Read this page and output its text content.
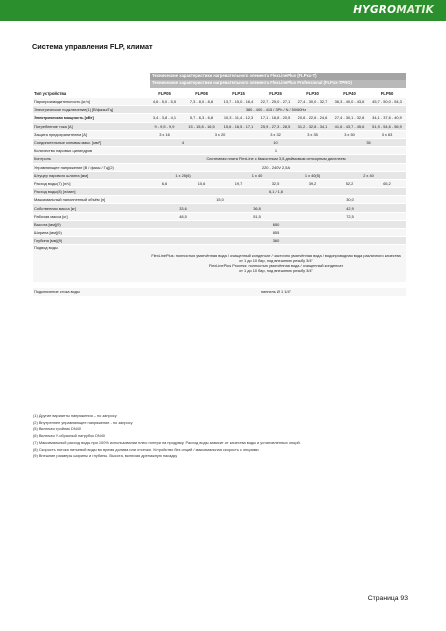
HYGROMATIK
Система управления FLP, климат
Технические характеристики нагревательного элемента FlexLinePlus (FLPxx-T)
Технические характеристики нагревательного элемента FlexLinePlus Professional (FLPxx-TPRO)
Тип устройства	FLP05	FLP08	FLP15	FLP25	FLP30	FLP40	FLP50
Паропроизводительность [кг/ч]	4,6 - 5,0 - 5,5	7,3 - 8,0 - 8,8	13,7 - 15,0 - 16,4	22,7 - 25,0 - 27,1	27,4 - 30,0 - 32,7	36,3 - 40,0 - 43,6	45,7 - 50,0 - 54,3
Электрическое подключение(1) [В/фазы/Гц]	380 - 400 - 415 / 3Ph / N / 50/60Hz						
Электрическая мощность [кВт]	3,4 - 3,8 - 4,1	5,7 - 6,3 - 6,8	10,3 - 11,4 - 12,3	17,1 - 18,8 - 20,5	20,6 - 22,6 - 24,6	27,4 - 30,1 - 32,8	34,1 - 37,6 - 40,9
Потребление тока [A]	9 - 9,5 - 9,9	15 - 15,8 - 16,5	15,6 - 16,5 - 17,1	25,9 - 27,3 - 28,5	31,2 - 32,8 - 34,1	41,6 - 43,7 - 45,6	51,9 - 54,6 - 56,9
Защита предохранителем [A]	3 x 16	3 x 20		3 x 32	3 x 35	3 x 50	3 x 63
Соединительные клеммы макс. [мм²]	4		10			35	
Количество паровых цилиндров	1						
Контроль	Системная плата FlexLine с 6мкостным 3,5-дюймовым сенсорным дисплеем						
Управляющее напряжение [В / фазы / Гц](2)	220 - 240V 2,5A						
Штуцер парового шланга [мм]	1 x 25(6)		1 x 40		1 x 40(5)	2 x 40	
Расход воды(7) [л/ч]	6,6	10,6	19,7	32,5	39,2	52,2	65,2
Расход воды(8) [л/мин]	6,1 / 1,6						
Максимальный наполненный объём [л]	15,0				30,0		
Собственная масса [кг]	33,6		36,8		42,9		
Рабочая масса [кг]	48,5		51,5		72,5		
Высота [мм](9)	650						
Ширина [мм](9)	855						
Глубина [мм](9)	360						
Подвод воды	FlexLinePlus: полностью умягчённая вода / очищенный конденсат / частично умягчённая вода / водопроводная вода различного качества
от 1 до 10 бар, под внешнюю резьбу 3/4"
FlexLinePlus Process: полностью умягчённая вода / очищенный конденсат
от 1 до 10 бар, под внешнюю резьбу 3/4"						

Подключение стока воды	ниппель Ø 1 1/4"						
(1) Другие варианты напряжения – по запросу
(2) Внутреннее управляющее напряжение - по запросу
(5) Включая тройник DN40
(6) Включая Y-образный патрубок DN40
(7) Максимальный расход воды при 100% использовании плюс потери на продувку. Расход воды зависит от качества воды и установленных опций.
(8) Скорость потока питьевой воды во время долива или отсечки. Устройство без опций / максимальная скорость с опциями
(9) Внешние размеры ширины и глубины. Высота, включая дренажную насадку
Страница 93
